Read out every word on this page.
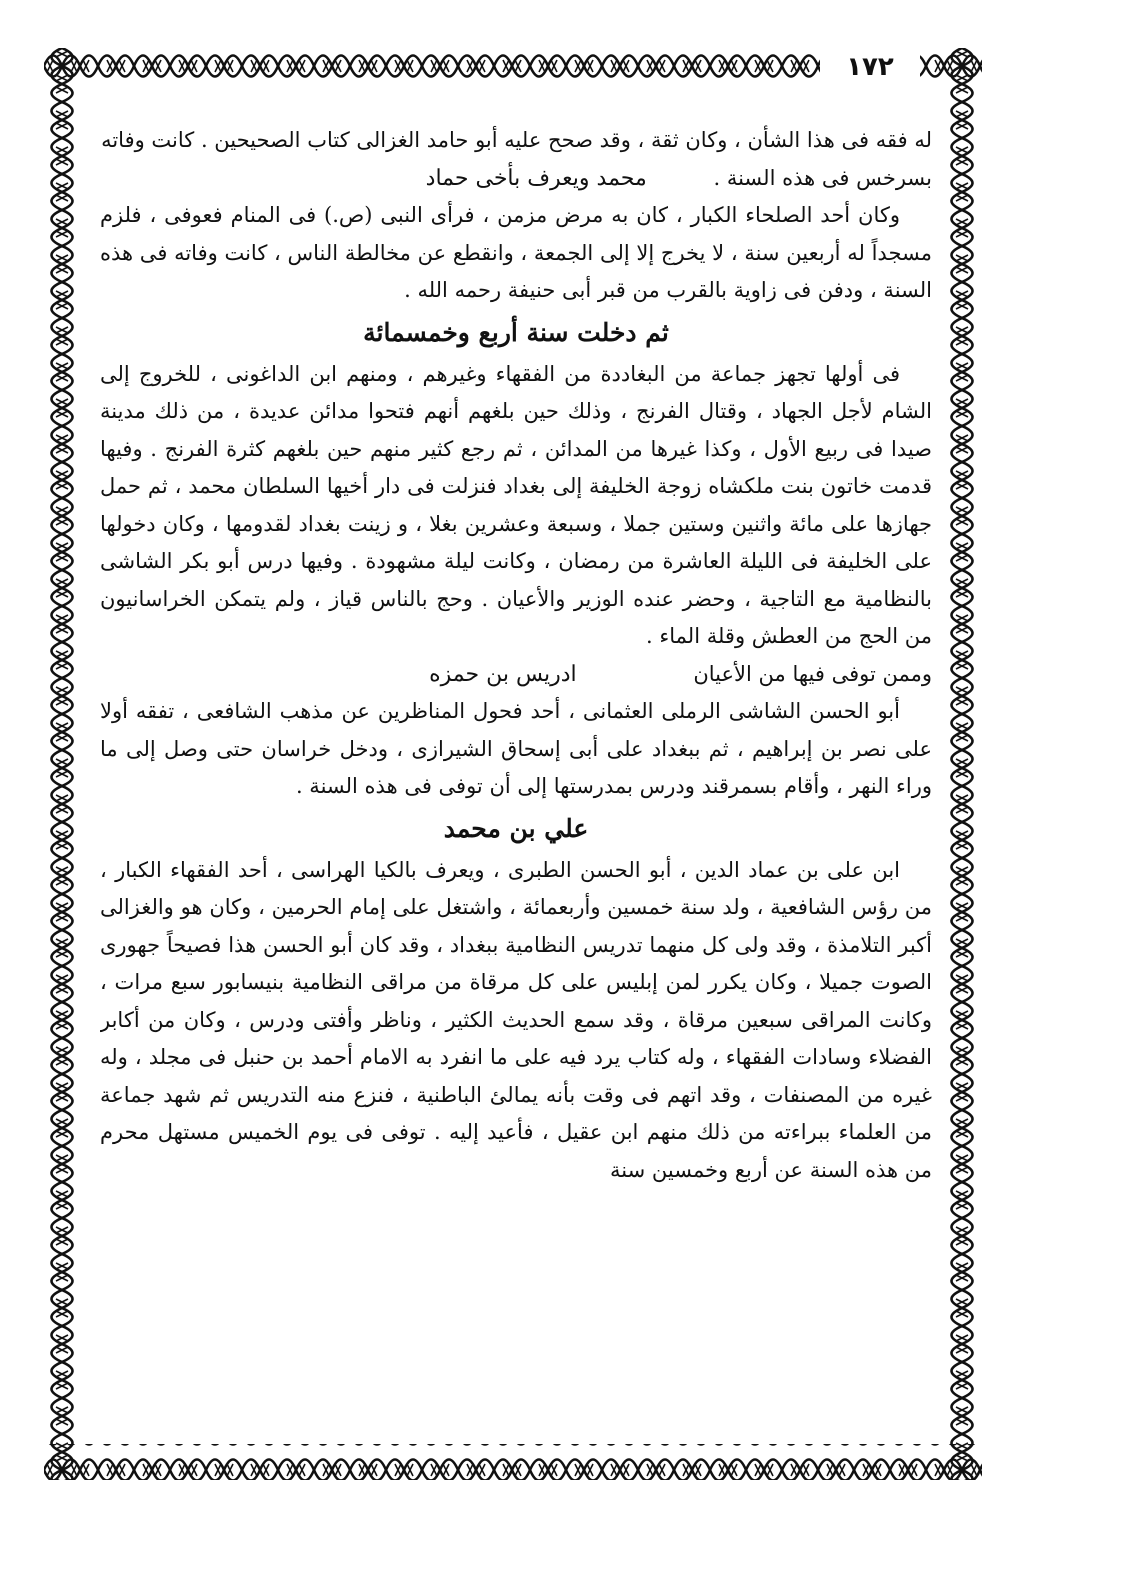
١٧٢

له فقه فى هذا الشأن ، وكان ثقة ، وقد صحح عليه أبو حامد الغزالى كتاب الصحيحين . كانت وفاته

بسرخس فى هذه السنة . محمد ويعرف بأخى حماد

وكان أحد الصلحاء الكبار ، كان به مرض مزمن ، فرأى النبى (ص.) فى المنام فعوفى ، فلزم مسجداً له أربعين سنة ، لا يخرج إلا إلى الجمعة ، وانقطع عن مخالطة الناس ، كانت وفاته فى هذه السنة ، ودفن فى زاوية بالقرب من قبر أبى حنيفة رحمه الله .

ثم دخلت سنة أربع وخمسمائة

فى أولها تجهز جماعة من البغاددة من الفقهاء وغيرهم ، ومنهم ابن الداغونى ، للخروج إلى الشام لأجل الجهاد ، وقتال الفرنج ، وذلك حين بلغهم أنهم فتحوا مدائن عديدة ، من ذلك مدينة صيدا فى ربيع الأول ، وكذا غيرها من المدائن ، ثم رجع كثير منهم حين بلغهم كثرة الفرنج . وفيها قدمت خاتون بنت ملكشاه زوجة الخليفة إلى بغداد فنزلت فى دار أخيها السلطان محمد ، ثم حمل جهازها على مائة واثنين وستين جملا ، وسبعة وعشرين بغلا ، و زينت بغداد لقدومها ، وكان دخولها على الخليفة فى الليلة العاشرة من رمضان ، وكانت ليلة مشهودة . وفيها درس أبو بكر الشاشى بالنظامية مع التاجية ، وحضر عنده الوزير والأعيان . وحج بالناس قياز ، ولم يتمكن الخراسانيون من الحج من العطش وقلة الماء .

وممن توفى فيها من الأعيان ادريس بن حمزه

أبو الحسن الشاشى الرملى العثمانى ، أحد فحول المناظرين عن مذهب الشافعى ، تفقه أولا على نصر بن إبراهيم ، ثم ببغداد على أبى إسحاق الشيرازى ، ودخل خراسان حتى وصل إلى ما وراء النهر ، وأقام بسمرقند ودرس بمدرستها إلى أن توفى فى هذه السنة .

علي بن محمد

ابن على بن عماد الدين ، أبو الحسن الطبرى ، ويعرف بالكيا الهراسى ، أحد الفقهاء الكبار ، من رؤس الشافعية ، ولد سنة خمسين وأربعمائة ، واشتغل على إمام الحرمين ، وكان هو والغزالى أكبر التلامذة ، وقد ولى كل منهما تدريس النظامية ببغداد ، وقد كان أبو الحسن هذا فصيحاً جهورى الصوت جميلا ، وكان يكرر لمن إبليس على كل مرقاة من مراقى النظامية بنيسابور سبع مرات ، وكانت المراقى سبعين مرقاة ، وقد سمع الحديث الكثير ، وناظر وأفتى ودرس ، وكان من أكابر الفضلاء وسادات الفقهاء ، وله كتاب يرد فيه على ما انفرد به الامام أحمد بن حنبل فى مجلد ، وله غيره من المصنفات ، وقد اتهم فى وقت بأنه يمالئ الباطنية ، فنزع منه التدريس ثم شهد جماعة من العلماء ببراءته من ذلك منهم ابن عقيل ، فأعيد إليه . توفى فى يوم الخميس مستهل محرم من هذه السنة عن أربع وخمسين سنة
